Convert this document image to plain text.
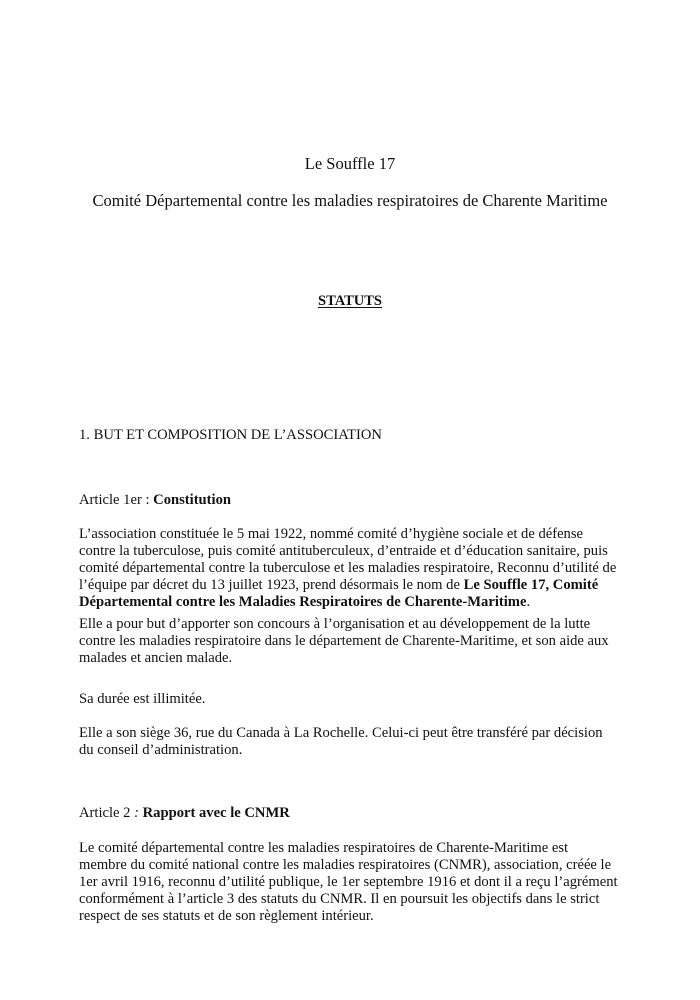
Le Souffle 17
Comité Départemental contre les maladies respiratoires de Charente Maritime
STATUTS
1. BUT ET COMPOSITION DE L’ASSOCIATION
Article 1er : Constitution
L’association constituée le 5 mai 1922, nommé comité d’hygiène sociale et de défense contre la tuberculose, puis comité antituberculeux, d’entraide et d’éducation sanitaire, puis comité départemental contre la tuberculose et les maladies respiratoire, Reconnu d’utilité de l’équipe par décret du 13 juillet 1923, prend désormais le nom de Le Souffle 17, Comité Départemental contre les Maladies Respiratoires de Charente-Maritime.
Elle a pour but d’apporter son concours à l’organisation et au développement de la lutte contre les maladies respiratoire dans le département de Charente-Maritime, et son aide aux malades et ancien malade.
Sa durée est illimitée.
Elle a son siège 36, rue du Canada à La Rochelle. Celui-ci peut être transféré par décision du conseil d’administration.
Article 2 : Rapport avec le CNMR
Le comité départemental contre les maladies respiratoires de Charente-Maritime est membre du comité national contre les maladies respiratoires (CNMR), association, créée le 1er avril 1916, reconnu d’utilité publique, le 1er septembre 1916 et dont il a reçu l’agrément conformément à l’article 3 des statuts du CNMR. Il en poursuit les objectifs dans le strict respect de ses statuts et de son règlement intérieur.
